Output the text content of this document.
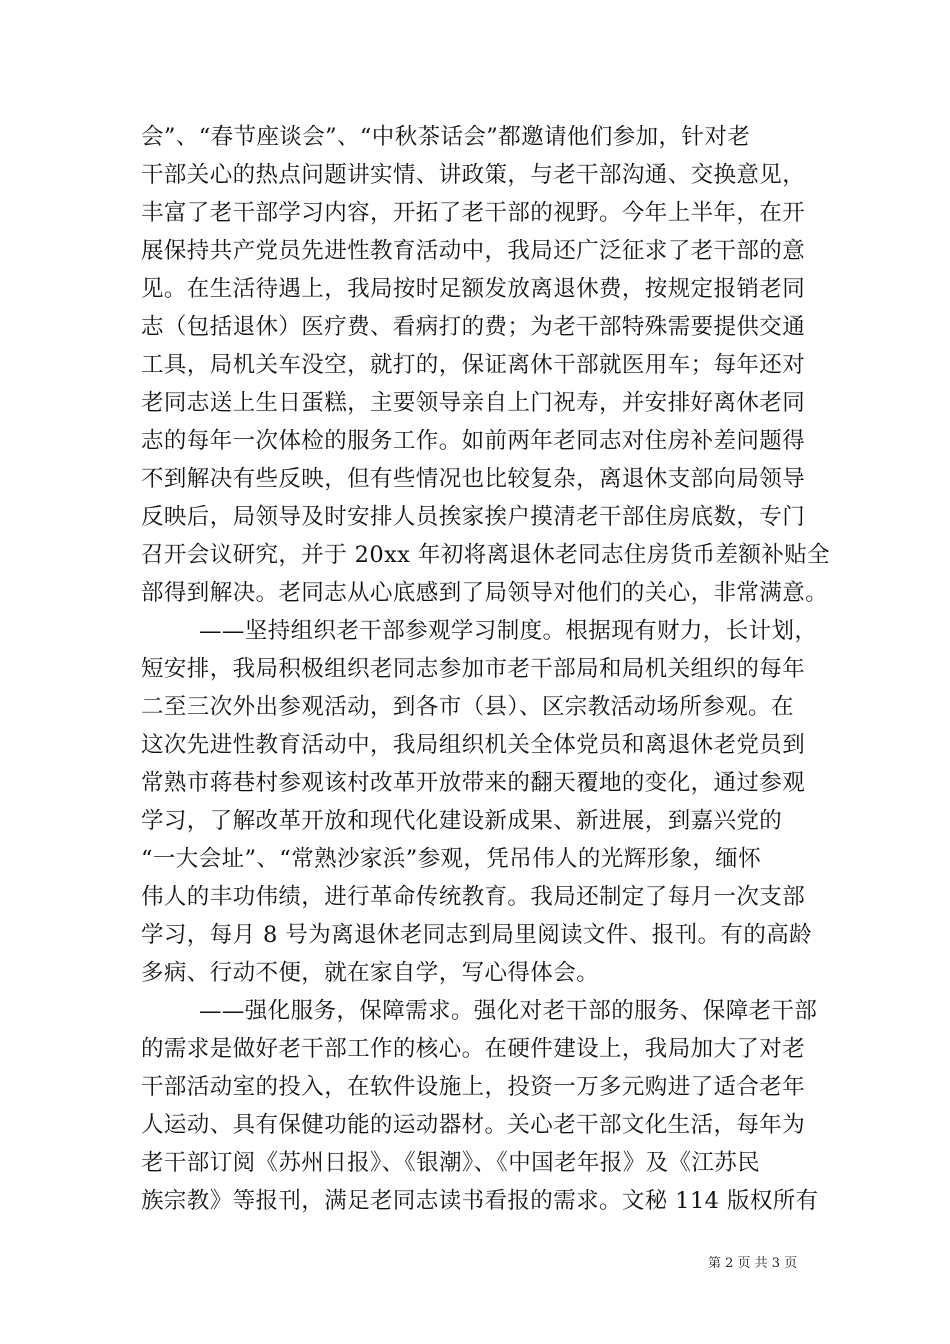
会”、“春节座谈会”、“中秋茶话会”都邀请他们参加，针对老
干部关心的热点问题讲实情、讲政策，与老干部沟通、交换意见，
丰富了老干部学习内容，开拓了老干部的视野。今年上半年，在开
展保持共产党员先进性教育活动中，我局还广泛征求了老干部的意
见。在生活待遇上，我局按时足额发放离退休费，按规定报销老同
志（包括退休）医疗费、看病打的费；为老干部特殊需要提供交通
工具，局机关车没空，就打的，保证离休干部就医用车；每年还对
老同志送上生日蛋糕，主要领导亲自上门祝寿，并安排好离休老同
志的每年一次体检的服务工作。如前两年老同志对住房补差问题得
不到解决有些反映，但有些情况也比较复杂，离退休支部向局领导
反映后，局领导及时安排人员挨家挨户摸清老干部住房底数，专门
召开会议研究，并于 20xx 年初将离退休老同志住房货币差额补贴全
部得到解决。老同志从心底感到了局领导对他们的关心，非常满意。
——坚持组织老干部参观学习制度。根据现有财力，长计划，
短安排，我局积极组织老同志参加市老干部局和局机关组织的每年
二至三次外出参观活动，到各市（县）、区宗教活动场所参观。在
这次先进性教育活动中，我局组织机关全体党员和离退休老党员到
常熟市蒋巷村参观该村改革开放带来的翻天覆地的变化，通过参观
学习，了解改革开放和现代化建设新成果、新进展，到嘉兴党的
“一大会址”、“常熟沙家浜”参观，凭吊伟人的光辉形象，缅怀
伟人的丰功伟绩，进行革命传统教育。我局还制定了每月一次支部
学习，每月 8 号为离退休老同志到局里阅读文件、报刊。有的高龄
多病、行动不便，就在家自学，写心得体会。
——强化服务，保障需求。强化对老干部的服务、保障老干部
的需求是做好老干部工作的核心。在硬件建设上，我局加大了对老
干部活动室的投入，在软件设施上，投资一万多元购进了适合老年
人运动、具有保健功能的运动器材。关心老干部文化生活，每年为
老干部订阅《苏州日报》、《银潮》、《中国老年报》及《江苏民
族宗教》等报刊，满足老同志读书看报的需求。文秘 114 版权所有
第 2 页 共 3 页
